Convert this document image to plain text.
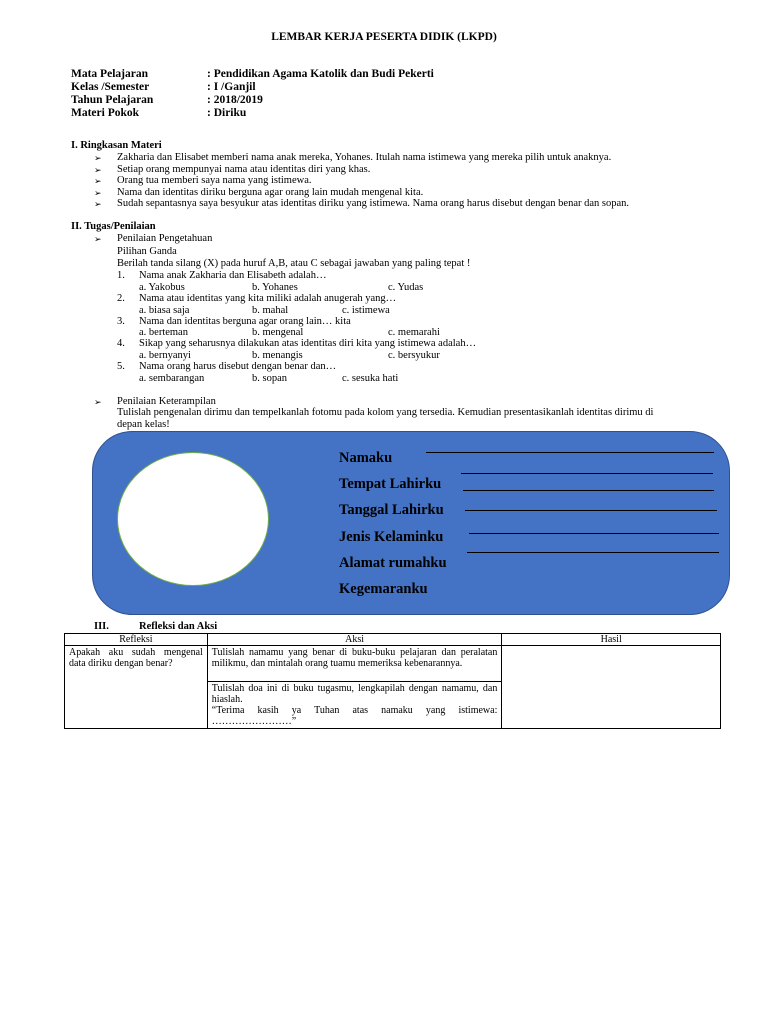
LEMBAR KERJA PESERTA DIDIK (LKPD)
Mata Pelajaran	: Pendidikan Agama Katolik dan Budi Pekerti
Kelas /Semester	: I /Ganjil
Tahun Pelajaran	: 2018/2019
Materi Pokok	: Diriku
I. Ringkasan Materi
➢ Zakharia dan Elisabet memberi nama anak mereka, Yohanes. Itulah nama istimewa yang mereka pilih untuk anaknya.
➢ Setiap orang mempunyai nama atau identitas diri yang khas.
➢ Orang tua memberi saya nama yang istimewa.
➢ Nama dan identitas diriku berguna agar orang lain mudah mengenal kita.
➢ Sudah sepantasnya saya besyukur atas identitas diriku yang istimewa. Nama orang harus disebut dengan benar dan sopan.
II. Tugas/Penilaian
➢ Penilaian Pengetahuan
Pilihan Ganda
Berilah tanda silang (X) pada huruf A,B, atau C sebagai jawaban yang paling tepat !
1. Nama anak Zakharia dan Elisabeth adalah…
a. Yakobus	b. Yohanes	c. Yudas
2. Nama atau identitas yang kita miliki adalah anugerah yang…
a. biasa saja	b. mahal	c. istimewa
3. Nama dan identitas berguna agar orang lain… kita
a. berteman	b. mengenal	c. memarahi
4. Sikap yang seharusnya dilakukan atas identitas diri kita yang istimewa adalah…
a. bernyanyi	b. menangis	c. bersyukur
5. Nama orang harus disebut dengan benar dan…
a. sembarangan	b. sopan	c. sesuka hati
➢ Penilaian Keterampilan
Tulislah pengenalan dirimu dan tempelkanlah fotomu pada kolom yang tersedia. Kemudian presentasikanlah identitas dirimu di
depan kelas!
Namaku
Tempat Lahirku
Tanggal Lahirku
Jenis Kelaminku
Alamat rumahku
Kegemaranku
III.	Refleksi dan Aksi
Refleksi	Aksi	Hasil
Apakah aku sudah mengenal data diriku dengan benar?	Tulislah namamu yang benar di buku-buku pelajaran dan peralatan milikmu, dan mintalah orang tuamu memeriksa kebenarannya.	

	Tulislah doa ini di buku tugasmu, lengkapilah dengan namamu, dan hiaslah.
“Terima kasih ya Tuhan atas namaku yang istimewa: ……………………”	
